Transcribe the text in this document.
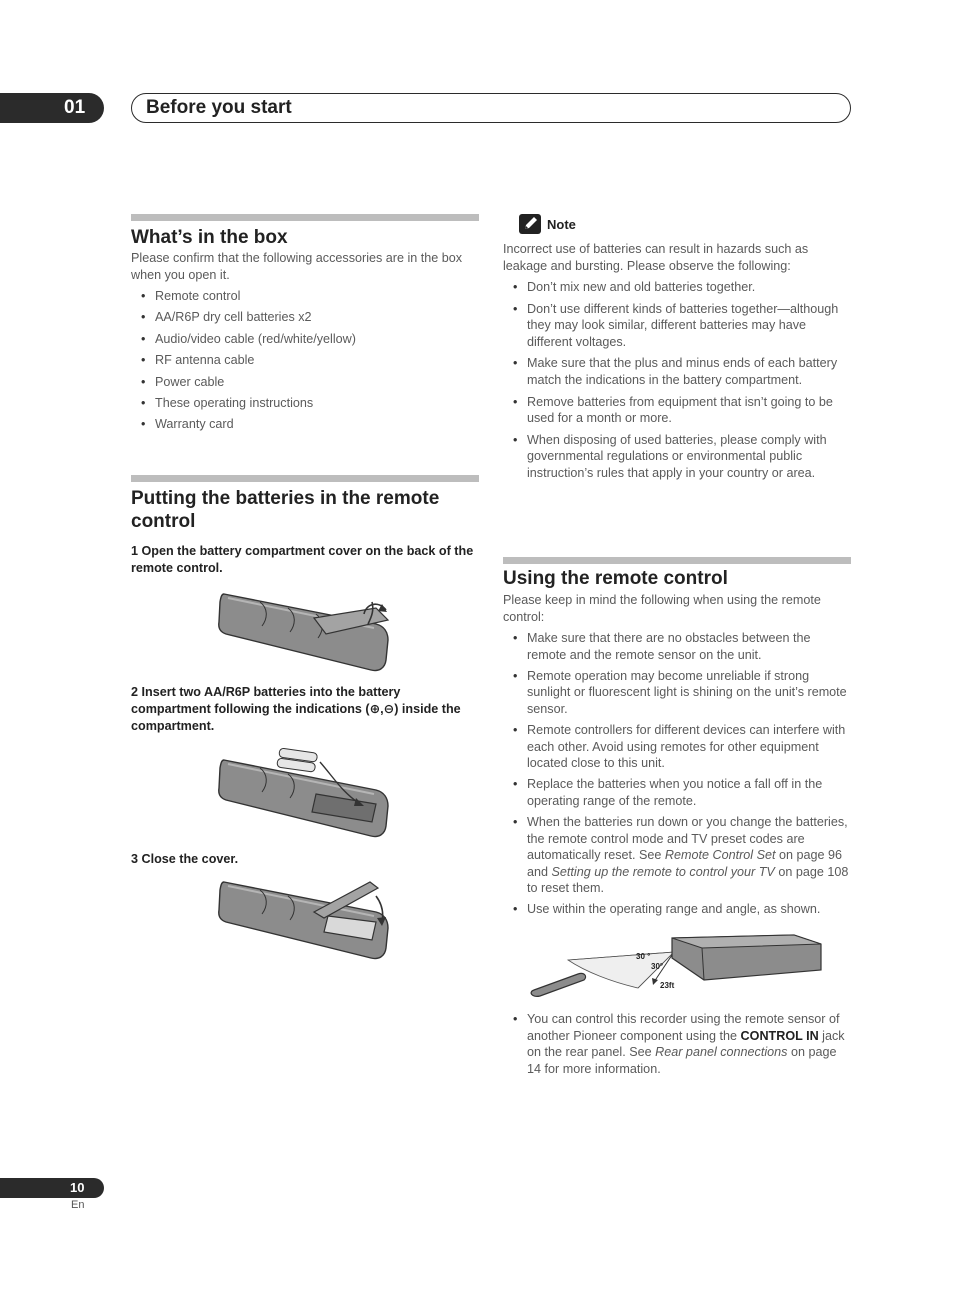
01	Before you start
What’s in the box
Please confirm that the following accessories are in the box when you open it.
• Remote control
• AA/R6P dry cell batteries x2
• Audio/video cable (red/white/yellow)
• RF antenna cable
• Power cable
• These operating instructions
• Warranty card
Putting the batteries in the remote control
1 Open the battery compartment cover on the back of the remote control.
2 Insert two AA/R6P batteries into the battery compartment following the indications (⊕,⊖) inside the compartment.
3 Close the cover.
Note
Incorrect use of batteries can result in hazards such as leakage and bursting. Please observe the following:
• Don’t mix new and old batteries together.
• Don’t use different kinds of batteries together—although they may look similar, different batteries may have different voltages.
• Make sure that the plus and minus ends of each battery match the indications in the battery compartment.
• Remove batteries from equipment that isn’t going to be used for a month or more.
• When disposing of used batteries, please comply with governmental regulations or environmental public instruction’s rules that apply in your country or area.
Using the remote control
Please keep in mind the following when using the remote control:
• Make sure that there are no obstacles between the remote and the remote sensor on the unit.
• Remote operation may become unreliable if strong sunlight or fluorescent light is shining on the unit’s remote sensor.
• Remote controllers for different devices can interfere with each other. Avoid using remotes for other equipment located close to this unit.
• Replace the batteries when you notice a fall off in the operating range of the remote.
• When the batteries run down or you change the batteries, the remote control mode and TV preset codes are automatically reset. See Remote Control Set on page 96 and Setting up the remote to control your TV on page 108 to reset them.
• Use within the operating range and angle, as shown.
30 °
30°
23ft
• You can control this recorder using the remote sensor of another Pioneer component using the CONTROL IN jack on the rear panel. See Rear panel connections on page 14 for more information.
10
En
